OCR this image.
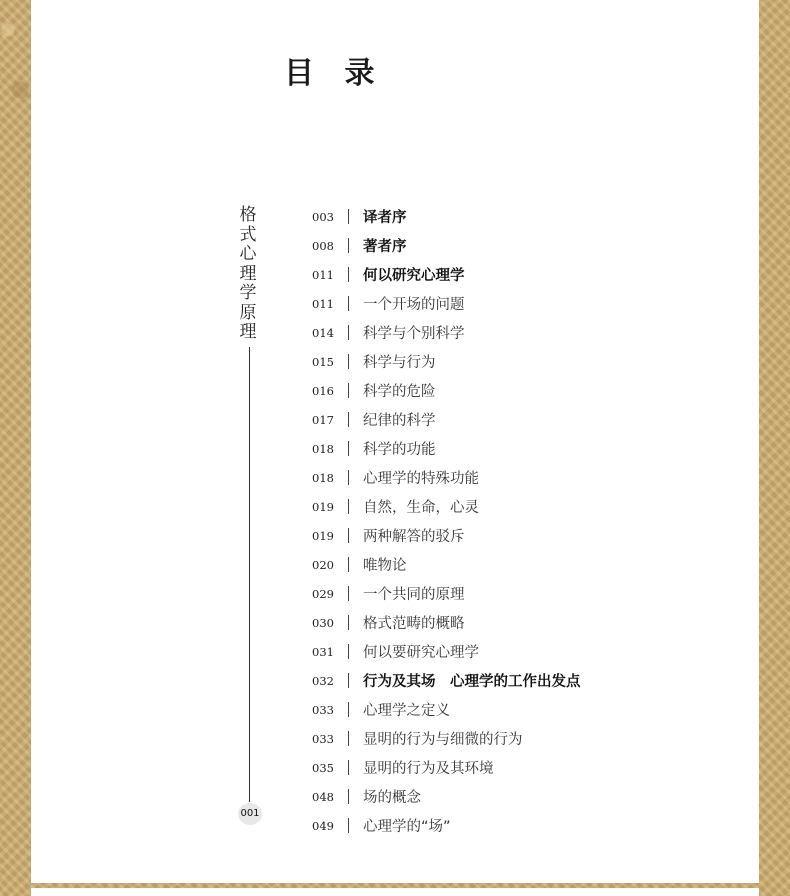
目 录
格式心理学原理
001
003	译者序
008	著者序
011	何以研究心理学
011	一个开场的问题
014	科学与个别科学
015	科学与行为
016	科学的危险
017	纪律的科学
018	科学的功能
018	心理学的特殊功能
019	自然，生命，心灵
019	两种解答的驳斥
020	唯物论
029	一个共同的原理
030	格式范畴的概略
031	何以要研究心理学
032	行为及其场　心理学的工作出发点
033	心理学之定义
033	显明的行为与细微的行为
035	显明的行为及其环境
048	场的概念
049	心理学的“场”
